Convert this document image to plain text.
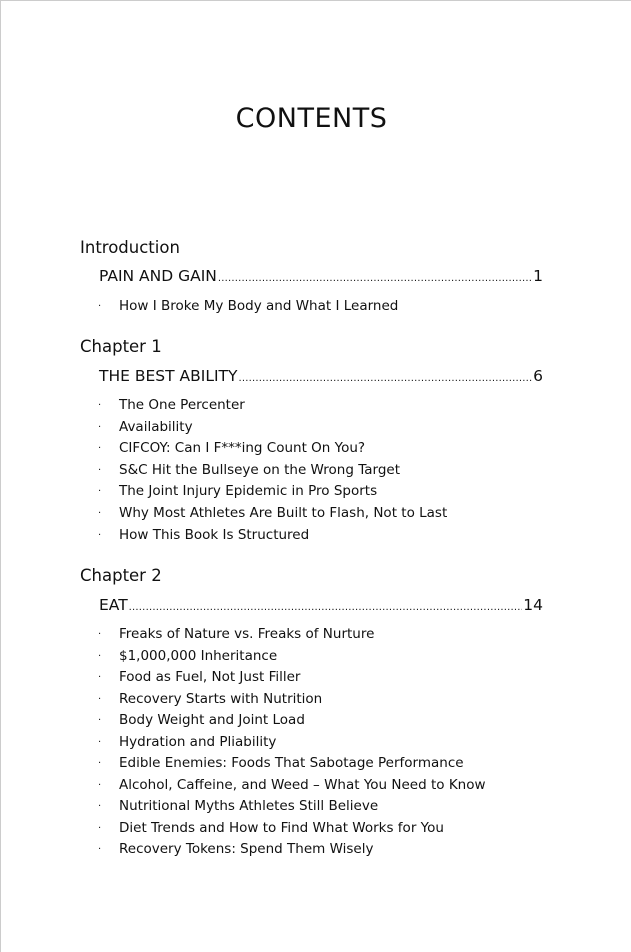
CONTENTS
Introduction
PAIN AND GAIN .....	1
· How I Broke My Body and What I Learned
Chapter 1
THE BEST ABILITY .....	6
· The One Percenter
· Availability
· CIFCOY: Can I F***ing Count On You?
· S&C Hit the Bullseye on the Wrong Target
· The Joint Injury Epidemic in Pro Sports
· Why Most Athletes Are Built to Flash, Not to Last
· How This Book Is Structured
Chapter 2
EAT .....	14
· Freaks of Nature vs. Freaks of Nurture
· $1,000,000 Inheritance
· Food as Fuel, Not Just Filler
· Recovery Starts with Nutrition
· Body Weight and Joint Load
· Hydration and Pliability
· Edible Enemies: Foods That Sabotage Performance
· Alcohol, Caffeine, and Weed – What You Need to Know
· Nutritional Myths Athletes Still Believe
· Diet Trends and How to Find What Works for You
· Recovery Tokens: Spend Them Wisely
